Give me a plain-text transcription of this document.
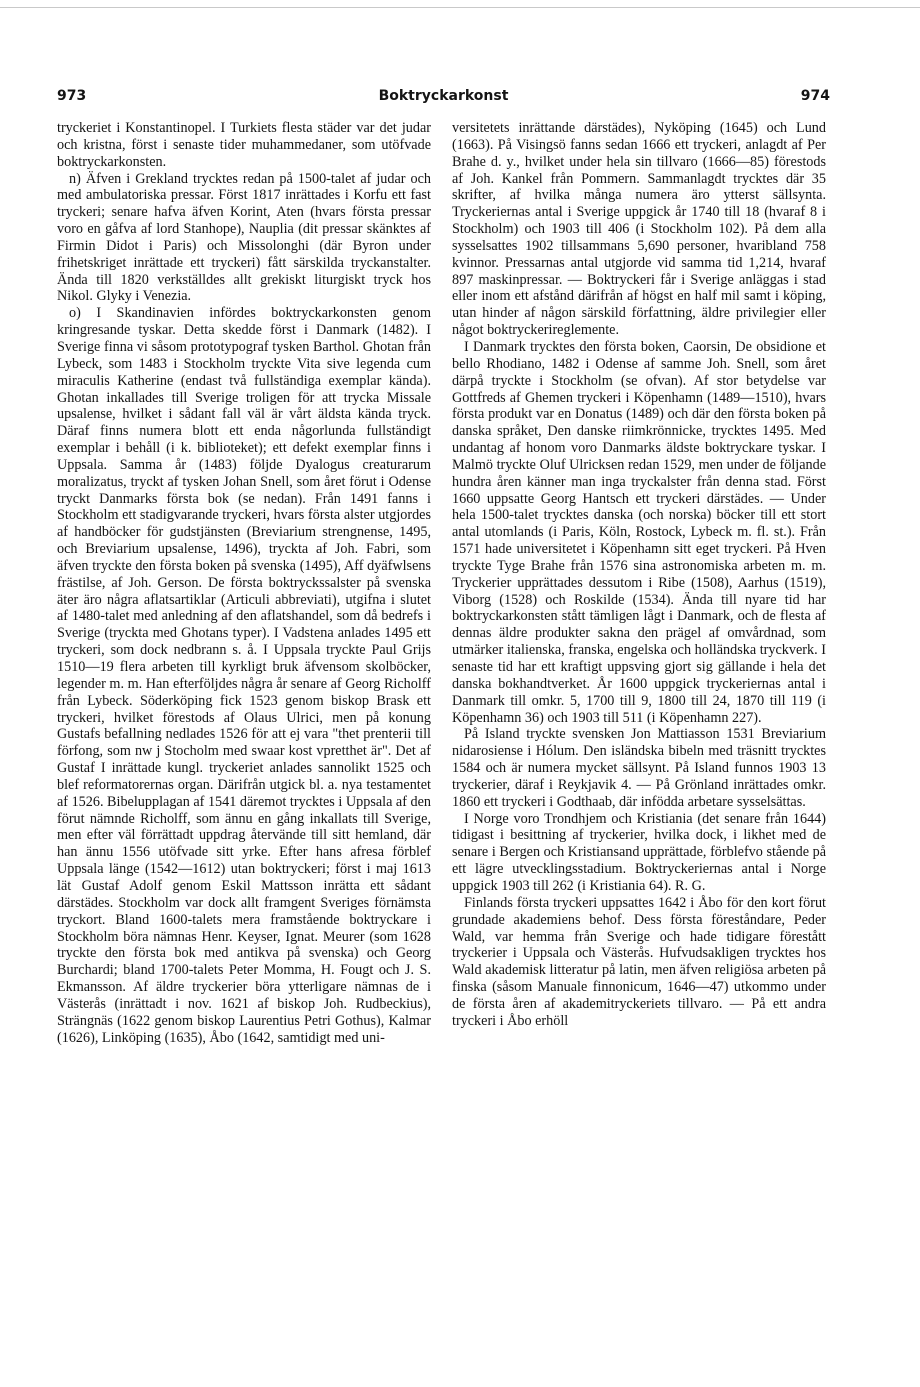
973	Boktryckarkonst	974

tryckeriet i Konstantinopel. I Turkiets flesta städer var det judar och kristna, först i senaste tider muhammedaner, som utöfvade boktryckarkonsten.

n) Äfven i Grekland trycktes redan på 1500-talet af judar och med ambulatoriska pressar. Först 1817 inrättades i Korfu ett fast tryckeri; senare hafva äfven Korint, Aten (hvars första pressar voro en gåfva af lord Stanhope), Nauplia (dit pressar skänktes af Firmin Didot i Paris) och Missolonghi (där Byron under frihetskriget inrättade ett tryckeri) fått särskilda tryckanstalter. Ända till 1820 verkställdes allt grekiskt liturgiskt tryck hos Nikol. Glyky i Venezia.

o) I Skandinavien infördes boktryckarkonsten genom kringresande tyskar. Detta skedde först i Danmark (1482). I Sverige finna vi såsom prototypograf tysken Barthol. Ghotan från Lybeck, som 1483 i Stockholm tryckte Vita sive legenda cum miraculis Katherine (endast två fullständiga exemplar kända). Ghotan inkallades till Sverige troligen för att trycka Missale upsalense, hvilket i sådant fall väl är vårt äldsta kända tryck. Däraf finns numera blott ett enda någorlunda fullständigt exemplar i behåll (i k. biblioteket); ett defekt exemplar finns i Uppsala. Samma år (1483) följde Dyalogus creaturarum moralizatus, tryckt af tysken Johan Snell, som året förut i Odense tryckt Danmarks första bok (se nedan). Från 1491 fanns i Stockholm ett stadigvarande tryckeri, hvars första alster utgjordes af handböcker för gudstjänsten (Breviarium strengnense, 1495, och Breviarium upsalense, 1496), tryckta af Joh. Fabri, som äfven tryckte den första boken på svenska (1495), Aff dyäfwlsens frästilse, af Joh. Gerson. De första boktryckssalster på svenska äter äro några aflatsartiklar (Articuli abbreviati), utgifna i slutet af 1480-talet med anledning af den aflatshandel, som då bedrefs i Sverige (tryckta med Ghotans typer). I Vadstena anlades 1495 ett tryckeri, som dock nedbrann s. å. I Uppsala tryckte Paul Grijs 1510—19 flera arbeten till kyrkligt bruk äfvensom skolböcker, legender m. m. Han efterföljdes några år senare af Georg Richolff från Lybeck. Söderköping fick 1523 genom biskop Brask ett tryckeri, hvilket förestods af Olaus Ulrici, men på konung Gustafs befallning nedlades 1526 för att ej vara "thet prenterii till förfong, som nw j Stocholm med swaar kost vpretthet är". Det af Gustaf I inrättade kungl. tryckeriet anlades sannolikt 1525 och blef reformatorernas organ. Därifrån utgick bl. a. nya testamentet af 1526. Bibelupplagan af 1541 däremot trycktes i Uppsala af den förut nämnde Richolff, som ännu en gång inkallats till Sverige, men efter väl förrättadt uppdrag återvände till sitt hemland, där han ännu 1556 utöfvade sitt yrke. Efter hans afresa förblef Uppsala länge (1542—1612) utan boktryckeri; först i maj 1613 lät Gustaf Adolf genom Eskil Mattsson inrätta ett sådant därstädes. Stockholm var dock allt framgent Sveriges förnämsta tryckort. Bland 1600-talets mera framstående boktryckare i Stockholm böra nämnas Henr. Keyser, Ignat. Meurer (som 1628 tryckte den första bok med antikva på svenska) och Georg Burchardi; bland 1700-talets Peter Momma, H. Fougt och J. S. Ekmansson. Af äldre tryckerier böra ytterligare nämnas de i Västerås (inrättadt i nov. 1621 af biskop Joh. Rudbeckius), Strängnäs (1622 genom biskop Laurentius Petri Gothus), Kalmar (1626), Linköping (1635), Åbo (1642, samtidigt med uni-

versitetets inrättande därstädes), Nyköping (1645) och Lund (1663). På Visingsö fanns sedan 1666 ett tryckeri, anlagdt af Per Brahe d. y., hvilket under hela sin tillvaro (1666—85) förestods af Joh. Kankel från Pommern. Sammanlagdt trycktes där 35 skrifter, af hvilka många numera äro ytterst sällsynta. Tryckeriernas antal i Sverige uppgick år 1740 till 18 (hvaraf 8 i Stockholm) och 1903 till 406 (i Stockholm 102). På dem alla sysselsattes 1902 tillsammans 5,690 personer, hvaribland 758 kvinnor. Pressarnas antal utgjorde vid samma tid 1,214, hvaraf 897 maskinpressar. — Boktryckeri får i Sverige anläggas i stad eller inom ett afstånd därifrån af högst en half mil samt i köping, utan hinder af någon särskild författning, äldre privilegier eller något boktryckerireglemente.

I Danmark trycktes den första boken, Caorsin, De obsidione et bello Rhodiano, 1482 i Odense af samme Joh. Snell, som året därpå tryckte i Stockholm (se ofvan). Af stor betydelse var Gottfreds af Ghemen tryckeri i Köpenhamn (1489—1510), hvars första produkt var en Donatus (1489) och där den första boken på danska språket, Den danske riimkrönnicke, trycktes 1495. Med undantag af honom voro Danmarks äldste boktryckare tyskar. I Malmö tryckte Oluf Ulricksen redan 1529, men under de följande hundra åren känner man inga tryckalster från denna stad. Först 1660 uppsatte Georg Hantsch ett tryckeri därstädes. — Under hela 1500-talet trycktes danska (och norska) böcker till ett stort antal utomlands (i Paris, Köln, Rostock, Lybeck m. fl. st.). Från 1571 hade universitetet i Köpenhamn sitt eget tryckeri. På Hven tryckte Tyge Brahe från 1576 sina astronomiska arbeten m. m. Tryckerier upprättades dessutom i Ribe (1508), Aarhus (1519), Viborg (1528) och Roskilde (1534). Ända till nyare tid har boktryckarkonsten stått tämligen lågt i Danmark, och de flesta af dennas äldre produkter sakna den prägel af omvårdnad, som utmärker italienska, franska, engelska och holländska tryckverk. I senaste tid har ett kraftigt uppsving gjort sig gällande i hela det danska bokhandtverket. År 1600 uppgick tryckeriernas antal i Danmark till omkr. 5, 1700 till 9, 1800 till 24, 1870 till 119 (i Köpenhamn 36) och 1903 till 511 (i Köpenhamn 227).

På Island tryckte svensken Jon Mattiasson 1531 Breviarium nidarosiense i Hólum. Den isländska bibeln med träsnitt trycktes 1584 och är numera mycket sällsynt. På Island funnos 1903 13 tryckerier, däraf i Reykjavik 4. — På Grönland inrättades omkr. 1860 ett tryckeri i Godthaab, där infödda arbetare sysselsättas.

I Norge voro Trondhjem och Kristiania (det senare från 1644) tidigast i besittning af tryckerier, hvilka dock, i likhet med de senare i Bergen och Kristiansand upprättade, förblefvo stående på ett lägre utvecklingsstadium. Boktryckeriernas antal i Norge uppgick 1903 till 262 (i Kristiania 64). R. G.

Finlands första tryckeri uppsattes 1642 i Åbo för den kort förut grundade akademiens behof. Dess första föreståndare, Peder Wald, var hemma från Sverige och hade tidigare förestått tryckerier i Uppsala och Västerås. Hufvudsakligen trycktes hos Wald akademisk litteratur på latin, men äfven religiösa arbeten på finska (såsom Manuale finnonicum, 1646—47) utkommo under de första åren af akademitryckeriets tillvaro. — På ett andra tryckeri i Åbo erhöll
